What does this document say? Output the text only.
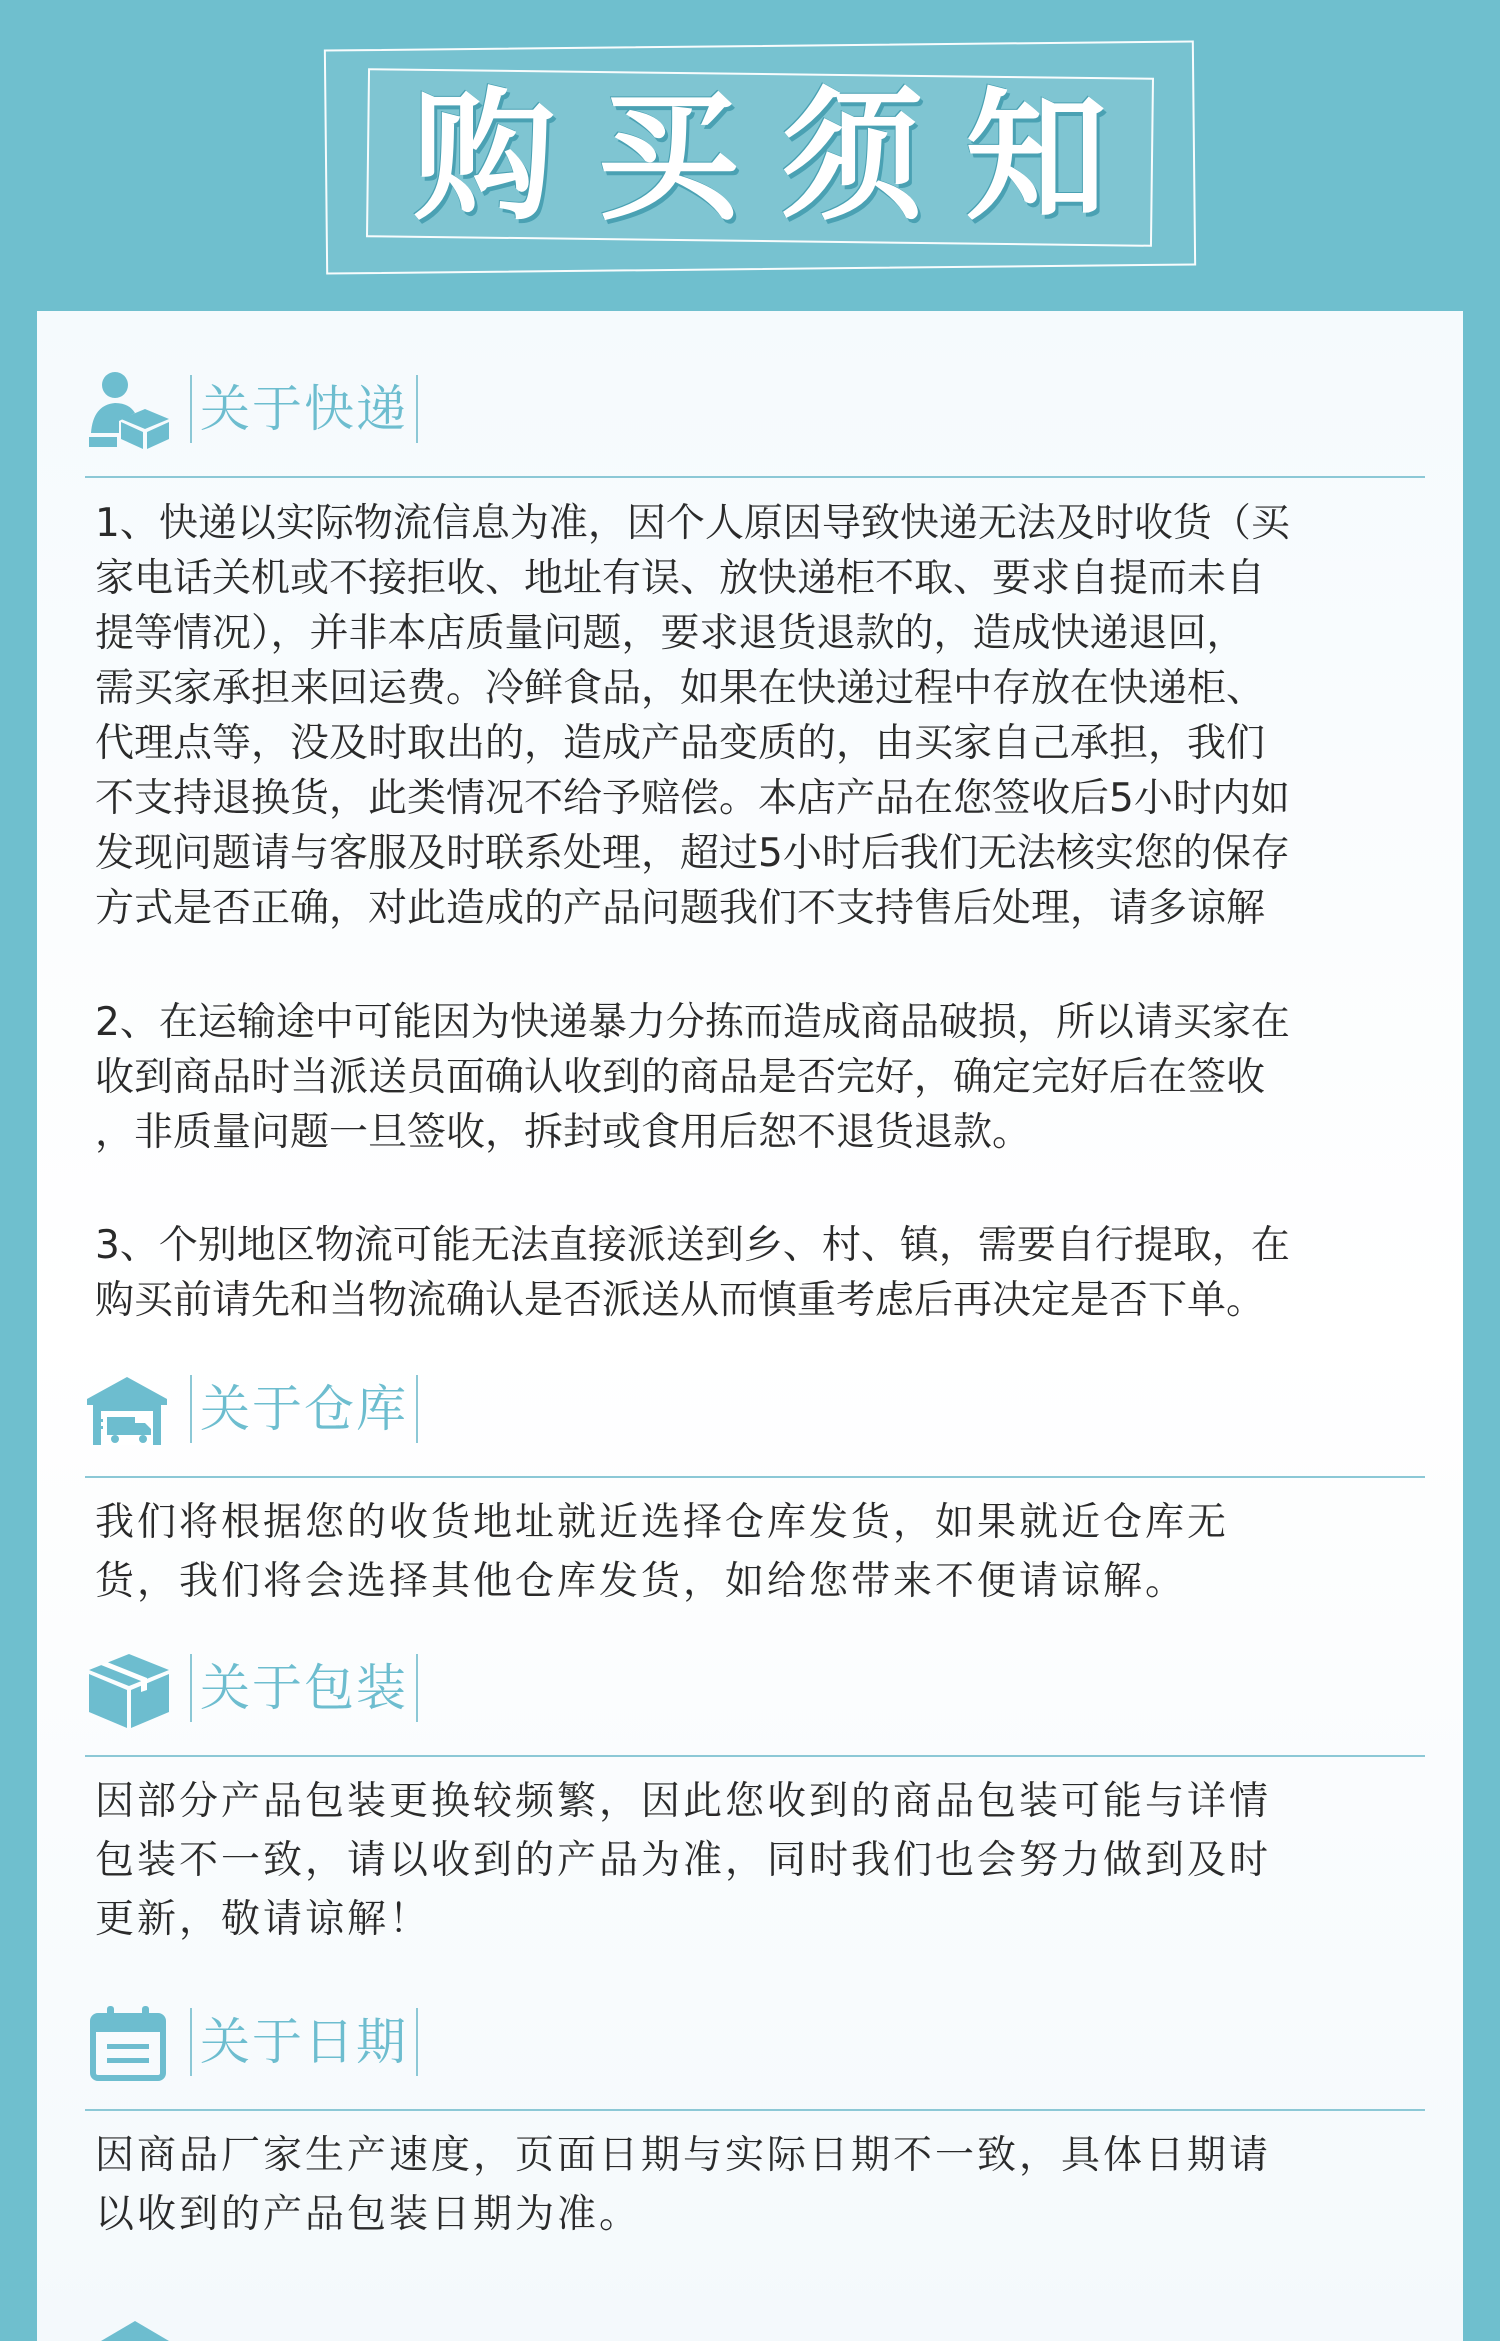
购买须知
关于快递
1、快递以实际物流信息为准，因个人原因导致快递无法及时收货（买
家电话关机或不接拒收、地址有误、放快递柜不取、要求自提而未自
提等情况），并非本店质量问题，要求退货退款的，造成快递退回，
需买家承担来回运费。冷鲜食品，如果在快递过程中存放在快递柜、
代理点等，没及时取出的，造成产品变质的，由买家自己承担，我们
不支持退换货，此类情况不给予赔偿。本店产品在您签收后5小时内如
发现问题请与客服及时联系处理，超过5小时后我们无法核实您的保存
方式是否正确，对此造成的产品问题我们不支持售后处理，请多谅解
2、在运输途中可能因为快递暴力分拣而造成商品破损，所以请买家在
收到商品时当派送员面确认收到的商品是否完好，确定完好后在签收
，非质量问题一旦签收，拆封或食用后恕不退货退款。
3、个别地区物流可能无法直接派送到乡、村、镇，需要自行提取，在
购买前请先和当物流确认是否派送从而慎重考虑后再决定是否下单。
关于仓库
我们将根据您的收货地址就近选择仓库发货，如果就近仓库无
货，我们将会选择其他仓库发货，如给您带来不便请谅解。
关于包装
因部分产品包装更换较频繁，因此您收到的商品包装可能与详情
包装不一致，请以收到的产品为准，同时我们也会努力做到及时
更新，敬请谅解！
关于日期
因商品厂家生产速度，页面日期与实际日期不一致，具体日期请
以收到的产品包装日期为准。
